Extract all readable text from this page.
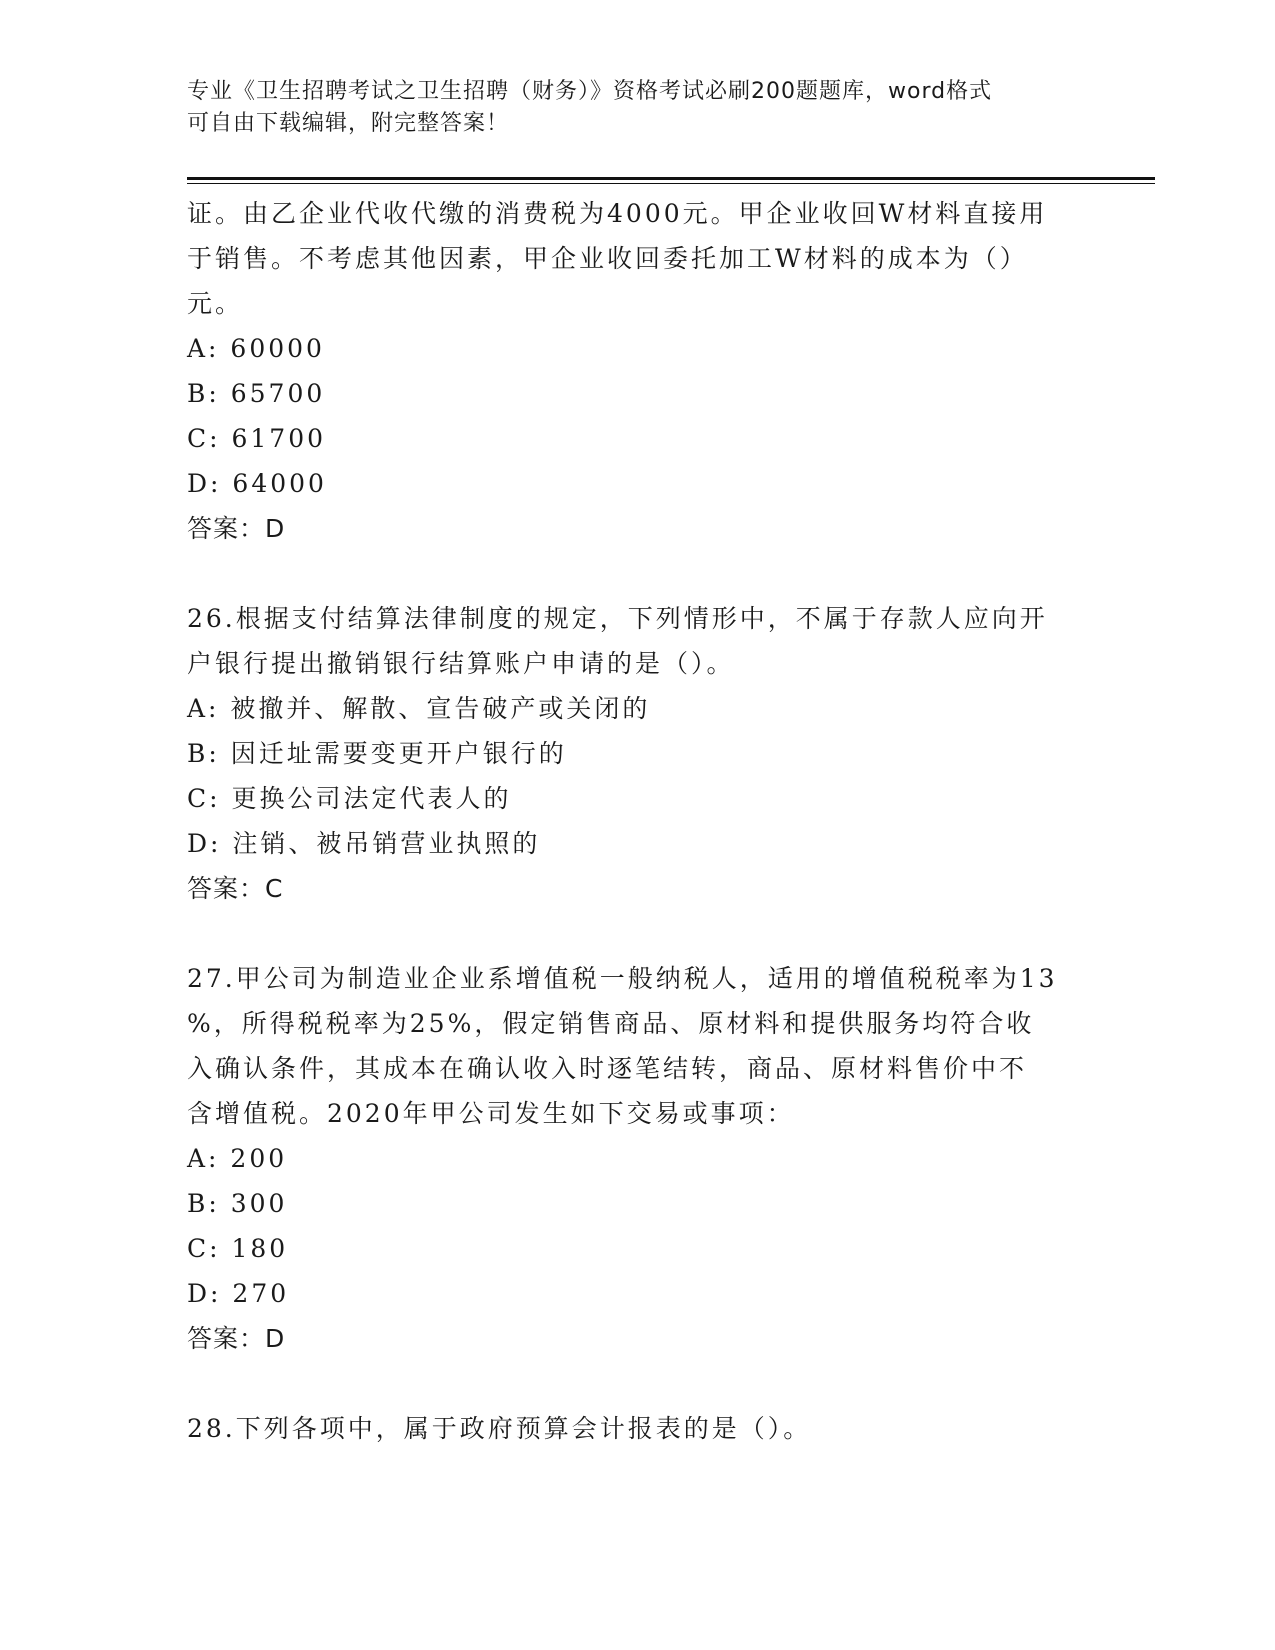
专业《卫生招聘考试之卫生招聘（财务）》资格考试必刷200题题库，word格式
可自由下载编辑，附完整答案！
证。由乙企业代收代缴的消费税为4000元。甲企业收回W材料直接用
于销售。不考虑其他因素，甲企业收回委托加工W材料的成本为（）
元。
A: 60000
B: 65700
C: 61700
D: 64000
答案：D
26.根据支付结算法律制度的规定，下列情形中，不属于存款人应向开
户银行提出撤销银行结算账户申请的是（）。
A: 被撤并、解散、宣告破产或关闭的
B: 因迁址需要变更开户银行的
C: 更换公司法定代表人的
D: 注销、被吊销营业执照的
答案：C
27.甲公司为制造业企业系增值税一般纳税人，适用的增值税税率为13
%，所得税税率为25%，假定销售商品、原材料和提供服务均符合收
入确认条件，其成本在确认收入时逐笔结转，商品、原材料售价中不
含增值税。2020年甲公司发生如下交易或事项：
A: 200
B: 300
C: 180
D: 270
答案：D
28.下列各项中，属于政府预算会计报表的是（）。
